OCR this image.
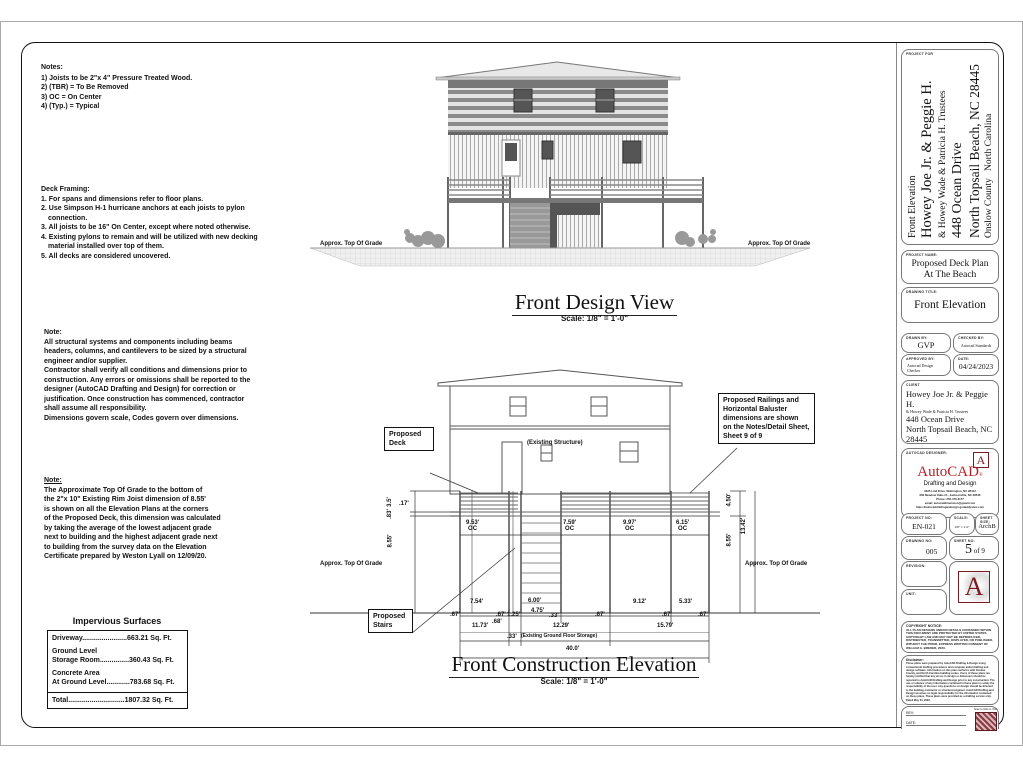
Notes:
1) Joists to be 2"x 4" Pressure Treated Wood.
2) (TBR) = To Be Removed
3) OC = On Center
4) (Typ.) = Typical
Deck Framing:
1. For spans and dimensions refer to floor plans.
2. Use Simpson H-1 hurricane anchors at each joists to pylon
connection.
3. All joists to be 16" On Center, except where noted otherwise.
4. Existing pylons to remain and will be utilized with new decking
material installed over top of them.
5. All decks are considered uncovered.
Note:
All structural systems and components including beams
headers, columns, and cantilevers to be sized by a structural
engineer and/or supplier.
Contractor shall verify all conditions and dimensions prior to
construction. Any errors or omissions shall be reported to the
designer (AutoCAD Drafting and Design) for correction or
justification. Once construction has commenced, contractor
shall assume all responsibility.
Dimensions govern scale, Codes govern over dimensions.
Note:
The Approximate Top Of Grade to the bottom of
the 2"x 10" Existing Rim Joist dimension of 8.55'
is shown on all the Elevation Plans at the corners
of the Proposed Deck, this dimension was calculated
by taking the average of the lowest adjacent grade
next to building and the highest adjacent grade next
to building from the survey data on the Elevation
Certificate prepared by Weston Lyall on 12/09/20.
Impervious Surfaces
Driveway.......................663.21 Sq. Ft.
Ground Level
Storage Room...............360.43 Sq. Ft.
Concrete Area
At Ground Level............783.68 Sq. Ft.
Total.............................1807.32 Sq. Ft.
Approx. Top Of Grade	Approx. Top Of Grade
Front Design View
Scale: 1/8" = 1'-0"
(Existing Structure)
Proposed
Deck
Proposed Railings and
Horizontal Baluster
dimensions are shown
on the Notes/Detail Sheet,
Sheet 9 of 9
Proposed
Stairs
3.5'
.83'
.17'
8.55'
4.50'
8.55'
13.42'
9.53'
OC
7.59'
OC
9.97'
OC
6.15'
OC
Approx. Top Of Grade	Approx. Top Of Grade
7.54'	6.00'
4.75'
9.12'	5.33'
.67'	.67'
.68'
1.25'	.33'	.67'	.67'	.67'
11.73'	12.29'	15.79'
.33' (Existing Ground Floor Storage)
40.0'
Front Construction Elevation
Scale: 1/8" = 1'-0"
PROJECT FOR
Front Elevation Howey Joe Jr. & Peggie H. & Howey Wade & Patricia H. Trustees 448 Ocean Drive North Topsail Beach, NC 28445 Onslow County   North Carolina
PROJECT NAME:
Proposed Deck Plan
At The Beach
DRAWING TITLE:
Front Elevation
DRAWN BY:
GVP
CHECKED BY:
Autocad Standards
APPROVED BY:
Autocad Design
Checker
DATE:
04/24/2023
CLIENT
Howey Joe Jr. & Peggie H.
& Howey Wade & Patricia H. Trustees
448 Ocean Drive
North Topsail Beach, NC
28445
AUTOCAD DESIGNER:	A
AutoCAD®
Drafting and Design
9325 Lind Drive, Wilmington, NC 28412
666 Meadow Oaks Ct., Jacksonville, NC 28546
Phone: 252-470-3177
email: autocaddimension@gmail.com
https://autocaddraftingandesign.godaddysites.com
PROJECT NO:
EN-021
SCALE:
1/8" = 1'-0"
SHEET SIZE:
ArchB
DRAWING NO:
005
SHEET NO:
5 of 9
REVISION:
UNIT: A
COPYRIGHT NOTICE:
ALL PLAN DESIGNS AND/OR DETAILS CONTAINED WITHIN THIS DOCUMENT ARE PROTECTED BY UNITED STATES COPYRIGHT LAW AND MAY NOT BE REPRODUCED, DISTRIBUTED, TRANSMITTED, DISPLAYED, OR PUBLISHED, WITHOUT THE PRIOR, EXPRESS WRITTEN CONSENT OF WILLIAM G. BREKER, 2023.
Disclaimer:
These plans were prepared by AutoCAD Drafting & Design using conventional drafting procedures and computer aided drafting and design software. Information on this plan conforms with Onslow County, and North Carolina building codes. Users of these plans are hereby notified that any errors in design or dimension should be reported to AutoCAD Drafting and Design prior to any construction. The use or reliance of any information contained in these plans is solely the responsibility of the user. Any questions on design should be directed to the building contractor or structural engineer. AutoCAD Drafting and Design assumes no legal responsibility for the information contained on these plans. These plans were provided as a drafting service only. Dated May 24, 2022.
REV:
DATE:
Scan to Visit on Your
